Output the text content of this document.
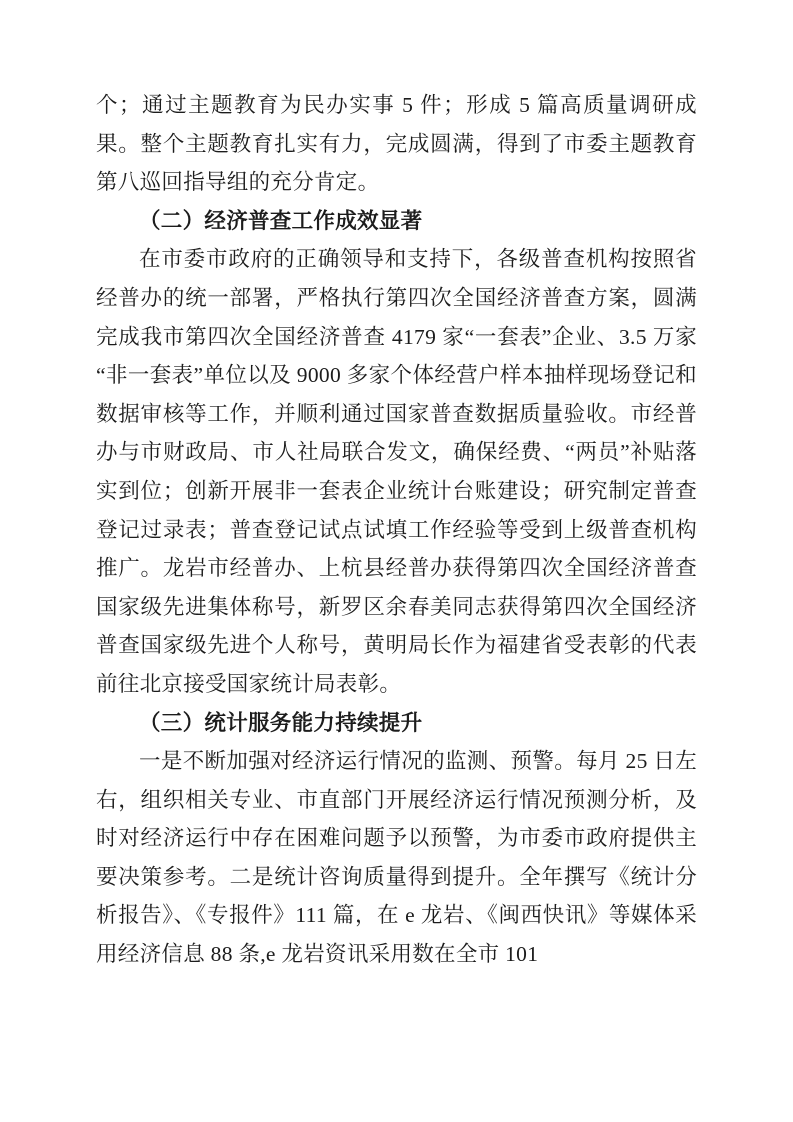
个；通过主题教育为民办实事 5 件；形成 5 篇高质量调研成果。整个主题教育扎实有力，完成圆满，得到了市委主题教育第八巡回指导组的充分肯定。

（二）经济普查工作成效显著

在市委市政府的正确领导和支持下，各级普查机构按照省经普办的统一部署，严格执行第四次全国经济普查方案，圆满完成我市第四次全国经济普查 4179 家“一套表”企业、3.5 万家“非一套表”单位以及 9000 多家个体经营户样本抽样现场登记和数据审核等工作，并顺利通过国家普查数据质量验收。市经普办与市财政局、市人社局联合发文，确保经费、“两员”补贴落实到位；创新开展非一套表企业统计台账建设；研究制定普查登记过录表；普查登记试点试填工作经验等受到上级普查机构推广。龙岩市经普办、上杭县经普办获得第四次全国经济普查国家级先进集体称号，新罗区余春美同志获得第四次全国经济普查国家级先进个人称号，黄明局长作为福建省受表彰的代表前往北京接受国家统计局表彰。

（三）统计服务能力持续提升

一是不断加强对经济运行情况的监测、预警。每月 25 日左右，组织相关专业、市直部门开展经济运行情况预测分析，及时对经济运行中存在困难问题予以预警，为市委市政府提供主要决策参考。二是统计咨询质量得到提升。全年撰写《统计分析报告》、《专报件》111 篇，在 e 龙岩、《闽西快讯》等媒体采用经济信息 88 条,e 龙岩资讯采用数在全市 101
